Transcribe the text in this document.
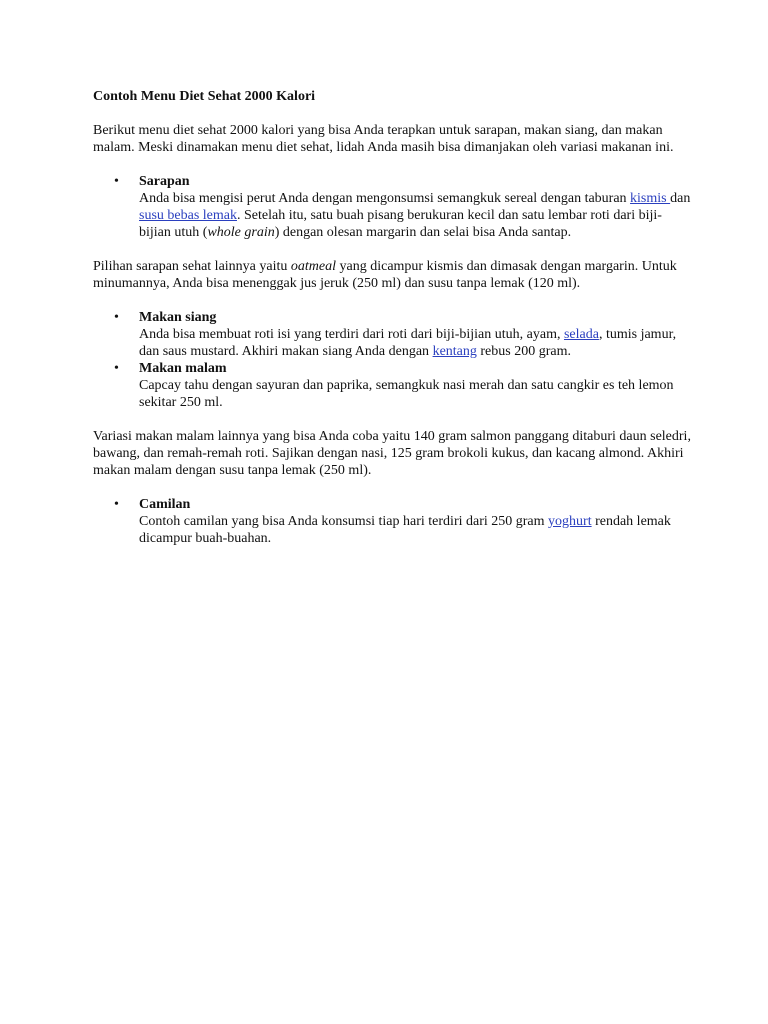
Contoh Menu Diet Sehat 2000 Kalori

Berikut menu diet sehat 2000 kalori yang bisa Anda terapkan untuk sarapan, makan siang, dan makan malam. Meski dinamakan menu diet sehat, lidah Anda masih bisa dimanjakan oleh variasi makanan ini.

• Sarapan
Anda bisa mengisi perut Anda dengan mengonsumsi semangkuk sereal dengan taburan kismis dan susu bebas lemak. Setelah itu, satu buah pisang berukuran kecil dan satu lembar roti dari biji-bijian utuh (whole grain) dengan olesan margarin dan selai bisa Anda santap.

Pilihan sarapan sehat lainnya yaitu oatmeal yang dicampur kismis dan dimasak dengan margarin. Untuk minumannya, Anda bisa menenggak jus jeruk (250 ml) dan susu tanpa lemak (120 ml).

• Makan siang
Anda bisa membuat roti isi yang terdiri dari roti dari biji-bijian utuh, ayam, selada, tumis jamur, dan saus mustard. Akhiri makan siang Anda dengan kentang rebus 200 gram.
• Makan malam
Capcay tahu dengan sayuran dan paprika, semangkuk nasi merah dan satu cangkir es teh lemon sekitar 250 ml.

Variasi makan malam lainnya yang bisa Anda coba yaitu 140 gram salmon panggang ditaburi daun seledri, bawang, dan remah-remah roti. Sajikan dengan nasi, 125 gram brokoli kukus, dan kacang almond. Akhiri makan malam dengan susu tanpa lemak (250 ml).

• Camilan
Contoh camilan yang bisa Anda konsumsi tiap hari terdiri dari 250 gram yoghurt rendah lemak dicampur buah-buahan.
